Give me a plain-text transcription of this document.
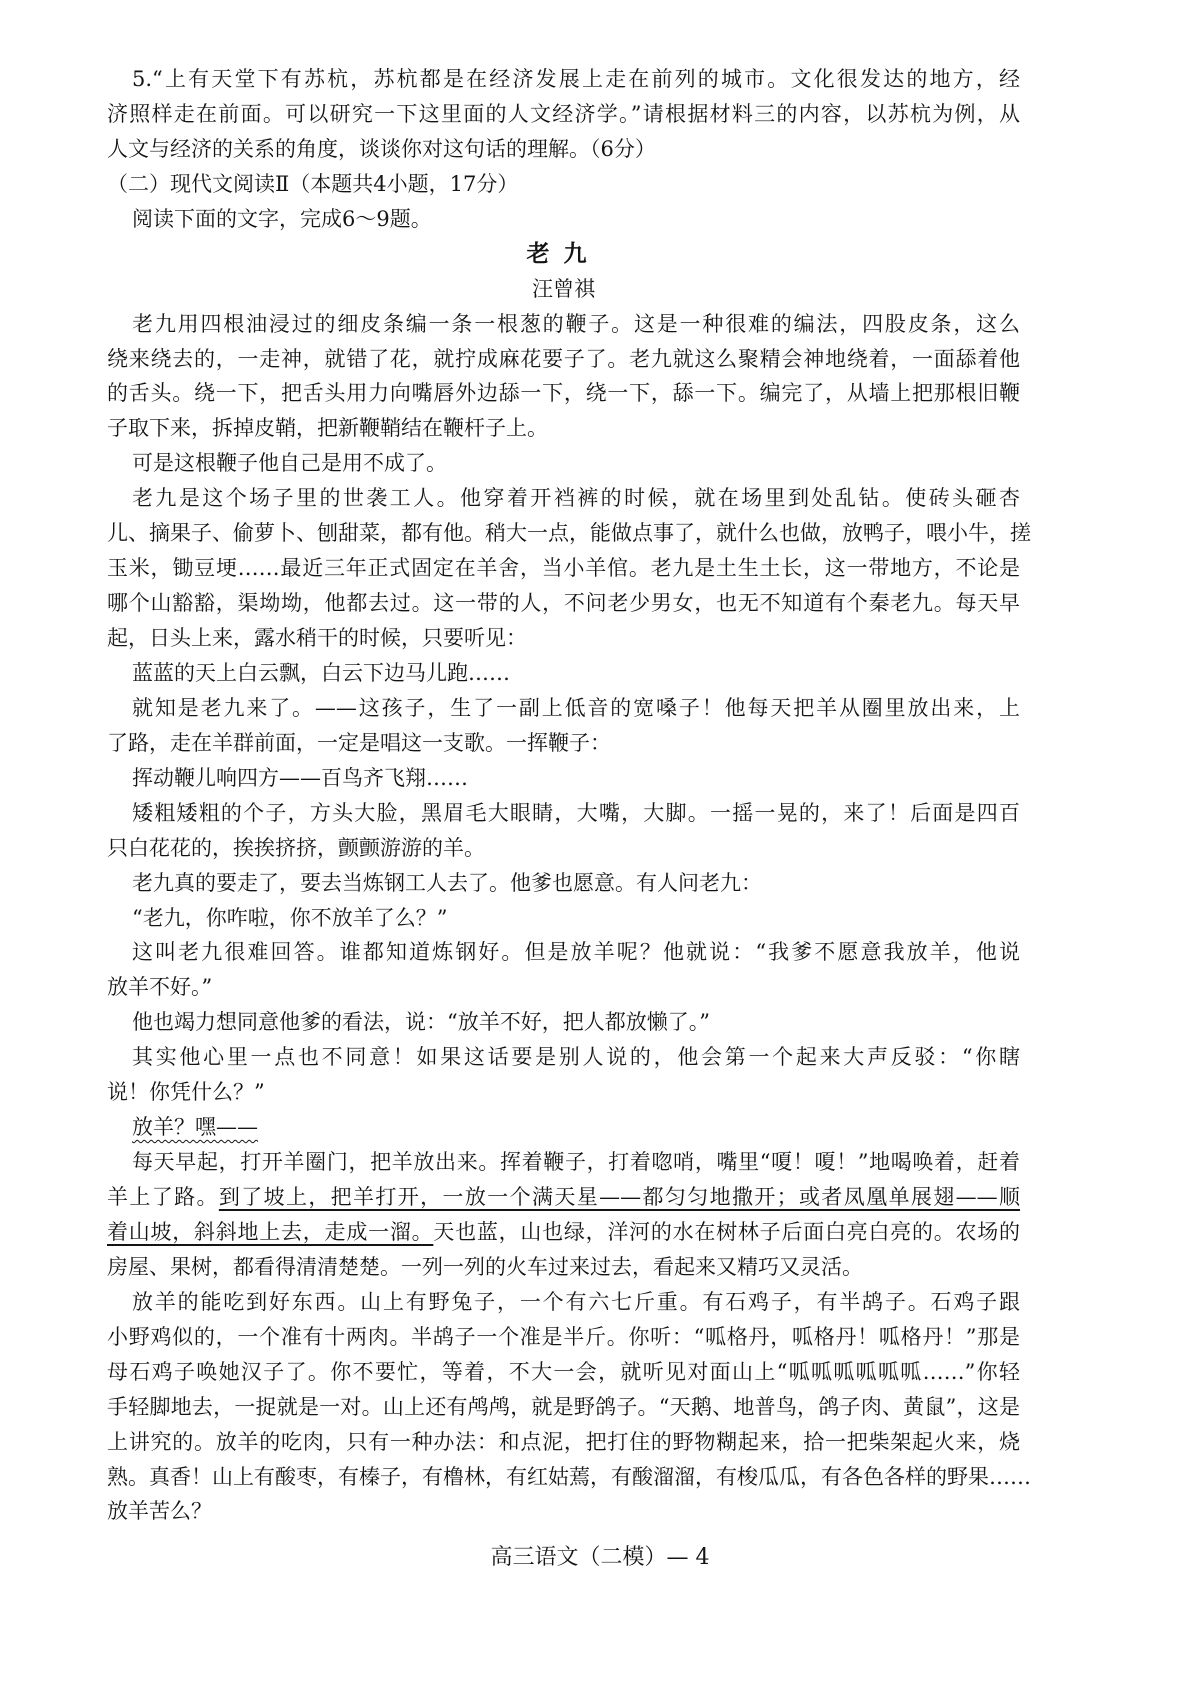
5.“上有天堂下有苏杭，苏杭都是在经济发展上走在前列的城市。文化很发达的地方，经
济照样走在前面。可以研究一下这里面的人文经济学。”请根据材料三的内容，以苏杭为例，从
人文与经济的关系的角度，谈谈你对这句话的理解。（6分）
（二）现代文阅读Ⅱ（本题共4小题，17分）
阅读下面的文字，完成6～9题。
老九
汪曾祺
老九用四根油浸过的细皮条编一条一根葱的鞭子。这是一种很难的编法，四股皮条，这么
绕来绕去的，一走神，就错了花，就拧成麻花要子了。老九就这么聚精会神地绕着，一面舔着他
的舌头。绕一下，把舌头用力向嘴唇外边舔一下，绕一下，舔一下。编完了，从墙上把那根旧鞭
子取下来，拆掉皮鞘，把新鞭鞘结在鞭杆子上。
可是这根鞭子他自己是用不成了。
老九是这个场子里的世袭工人。他穿着开裆裤的时候，就在场里到处乱钻。使砖头砸杏
儿、摘果子、偷萝卜、刨甜菜，都有他。稍大一点，能做点事了，就什么也做，放鸭子，喂小牛，搓
玉米，锄豆埂……最近三年正式固定在羊舍，当小羊倌。老九是土生土长，这一带地方，不论是
哪个山豁豁，渠坳坳，他都去过。这一带的人，不问老少男女，也无不知道有个秦老九。每天早
起，日头上来，露水稍干的时候，只要听见：
蓝蓝的天上白云飘，白云下边马儿跑……
就知是老九来了。——这孩子，生了一副上低音的宽嗓子！他每天把羊从圈里放出来，上
了路，走在羊群前面，一定是唱这一支歌。一挥鞭子：
挥动鞭儿响四方——百鸟齐飞翔……
矮粗矮粗的个子，方头大脸，黑眉毛大眼睛，大嘴，大脚。一摇一晃的，来了！后面是四百
只白花花的，挨挨挤挤，颤颤游游的羊。
老九真的要走了，要去当炼钢工人去了。他爹也愿意。有人问老九：
“老九，你咋啦，你不放羊了么？”
这叫老九很难回答。谁都知道炼钢好。但是放羊呢？他就说：“我爹不愿意我放羊，他说
放羊不好。”
他也竭力想同意他爹的看法，说：“放羊不好，把人都放懒了。”
其实他心里一点也不同意！如果这话要是别人说的，他会第一个起来大声反驳：“你瞎
说！你凭什么？”
放羊？嘿——
每天早起，打开羊圈门，把羊放出来。挥着鞭子，打着唿哨，嘴里“嗄！嗄！”地喝唤着，赶着
羊上了路。到了坡上，把羊打开，一放一个满天星——都匀匀地撒开；或者凤凰单展翅——顺
着山坡，斜斜地上去，走成一溜。天也蓝，山也绿，洋河的水在树林子后面白亮白亮的。农场的
房屋、果树，都看得清清楚楚。一列一列的火车过来过去，看起来又精巧又灵活。
放羊的能吃到好东西。山上有野兔子，一个有六七斤重。有石鸡子，有半鸪子。石鸡子跟
小野鸡似的，一个准有十两肉。半鸪子一个准是半斤。你听：“呱格丹，呱格丹！呱格丹！”那是
母石鸡子唤她汉子了。你不要忙，等着，不大一会，就听见对面山上“呱呱呱呱呱呱……”你轻
手轻脚地去，一捉就是一对。山上还有鸬鸬，就是野鸽子。“天鹅、地普鸟，鸽子肉、黄鼠”，这是
上讲究的。放羊的吃肉，只有一种办法：和点泥，把打住的野物糊起来，拾一把柴架起火来，烧
熟。真香！山上有酸枣，有榛子，有橹林，有红姑蔫，有酸溜溜，有梭瓜瓜，有各色各样的野果……
放羊苦么？
高三语文（二模）— 4
